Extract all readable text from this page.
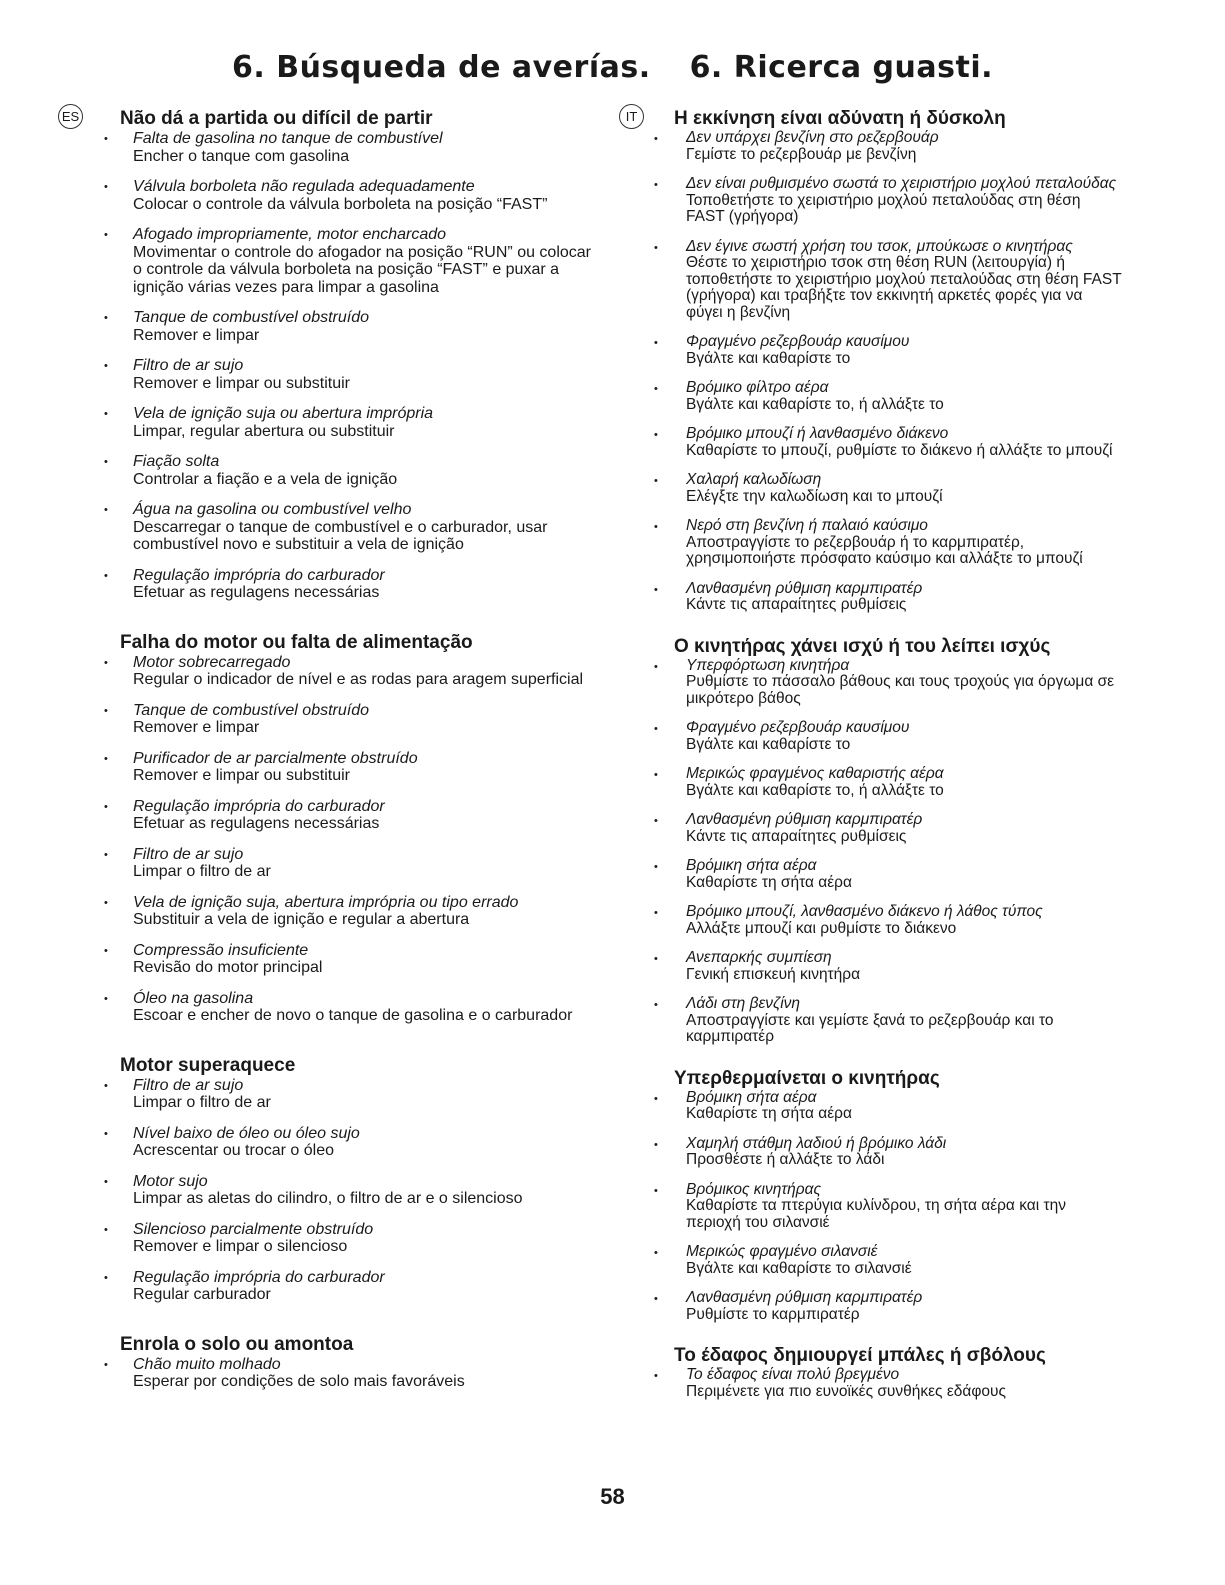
6. Búsqueda de averías. 6. Ricerca guasti.
ES	Não dá a partida ou difícil de partir
• Falta de gasolina no tanque de combustível
Encher o tanque com gasolina
• Válvula borboleta não regulada adequadamente
Colocar o controle da válvula borboleta na posição “FAST”
• Afogado impropriamente, motor encharcado
Movimentar o controle do afogador na posição “RUN” ou colocar o controle da válvula borboleta na posição “FAST” e puxar a ignição várias vezes para limpar a gasolina
• Tanque de combustível obstruído
Remover e limpar
• Filtro de ar sujo
Remover e limpar ou substituir
• Vela de ignição suja ou abertura imprópria
Limpar, regular abertura ou substituir
• Fiação solta
Controlar a fiação e a vela de ignição
• Água na gasolina ou combustível velho
Descarregar o tanque de combustível e o carburador, usar combustível novo e substituir a vela de ignição
• Regulação imprópria do carburador
Efetuar as regulagens necessárias
Falha do motor ou falta de alimentação
• Motor sobrecarregado
Regular o indicador de nível e as rodas para aragem superficial
• Tanque de combustível obstruído
Remover e limpar
• Purificador de ar parcialmente obstruído
Remover e limpar ou substituir
• Regulação imprópria do carburador
Efetuar as regulagens necessárias
• Filtro de ar sujo
Limpar o filtro de ar
• Vela de ignição suja, abertura imprópria ou tipo errado
Substituir a vela de ignição e regular a abertura
• Compressão insuficiente
Revisão do motor principal
• Óleo na gasolina
Escoar e encher de novo o tanque de gasolina e o carburador
Motor superaquece
• Filtro de ar sujo
Limpar o filtro de ar
• Nível baixo de óleo ou óleo sujo
Acrescentar ou trocar o óleo
• Motor sujo
Limpar as aletas do cilindro, o filtro de ar e o silencioso
• Silencioso parcialmente obstruído
Remover e limpar o silencioso
• Regulação imprópria do carburador
Regular carburador
Enrola o solo ou amontoa
• Chão muito molhado
Esperar por condições de solo mais favoráveis
IT	Η εκκίνηση είναι αδύνατη ή δύσκολη
• Δεν υπάρχει βενζίνη στο ρεζερβουάρ
Γεμίστε το ρεζερβουάρ με βενζίνη
• Δεν είναι ρυθμισμένο σωστά το χειριστήριο μοχλού πεταλούδας
Τοποθετήστε το χειριστήριο μοχλού πεταλούδας στη θέση FAST (γρήγορα)
• Δεν έγινε σωστή χρήση του τσοκ, μπούκωσε ο κινητήρας
Θέστε το χειριστήριο τσοκ στη θέση RUN (λειτουργία) ή τοποθετήστε το χειριστήριο μοχλού πεταλούδας στη θέση FAST (γρήγορα) και τραβήξτε τον εκκινητή αρκετές φορές για να φύγει η βενζίνη
• Φραγμένο ρεζερβουάρ καυσίμου
Βγάλτε και καθαρίστε το
• Βρόμικο φίλτρο αέρα
Βγάλτε και καθαρίστε το, ή αλλάξτε το
• Βρόμικο μπουζί ή λανθασμένο διάκενο
Καθαρίστε το μπουζί, ρυθμίστε το διάκενο ή αλλάξτε το μπουζί
• Χαλαρή καλωδίωση
Ελέγξτε την καλωδίωση και το μπουζί
• Νερό στη βενζίνη ή παλαιό καύσιμο
Αποστραγγίστε το ρεζερβουάρ ή το καρμπιρατέρ, χρησιμοποιήστε πρόσφατο καύσιμο και αλλάξτε το μπουζί
• Λανθασμένη ρύθμιση καρμπιρατέρ
Κάντε τις απαραίτητες ρυθμίσεις
Ο κινητήρας χάνει ισχύ ή του λείπει ισχύς
• Υπερφόρτωση κινητήρα
Ρυθμίστε το πάσσαλο βάθους και τους τροχούς για όργωμα σε μικρότερο βάθος
• Φραγμένο ρεζερβουάρ καυσίμου
Βγάλτε και καθαρίστε το
• Μερικώς φραγμένος καθαριστής αέρα
Βγάλτε και καθαρίστε το, ή αλλάξτε το
• Λανθασμένη ρύθμιση καρμπιρατέρ
Κάντε τις απαραίτητες ρυθμίσεις
• Βρόμικη σήτα αέρα
Καθαρίστε τη σήτα αέρα
• Βρόμικο μπουζί, λανθασμένο διάκενο ή λάθος τύπος
Αλλάξτε μπουζί και ρυθμίστε το διάκενο
• Ανεπαρκής συμπίεση
Γενική επισκευή κινητήρα
• Λάδι στη βενζίνη
Αποστραγγίστε και γεμίστε ξανά το ρεζερβουάρ και το καρμπιρατέρ
Υπερθερμαίνεται ο κινητήρας
• Βρόμικη σήτα αέρα
Καθαρίστε τη σήτα αέρα
• Χαμηλή στάθμη λαδιού ή βρόμικο λάδι
Προσθέστε ή αλλάξτε το λάδι
• Βρόμικος κινητήρας
Καθαρίστε τα πτερύγια κυλίνδρου, τη σήτα αέρα και την περιοχή του σιλανσιέ
• Μερικώς φραγμένο σιλανσιέ
Βγάλτε και καθαρίστε το σιλανσιέ
• Λανθασμένη ρύθμιση καρμπιρατέρ
Ρυθμίστε το καρμπιρατέρ
Το έδαφος δημιουργεί μπάλες ή σβόλους
• Το έδαφος είναι πολύ βρεγμένο
Περιμένετε για πιο ευνοϊκές συνθήκες εδάφους
58
